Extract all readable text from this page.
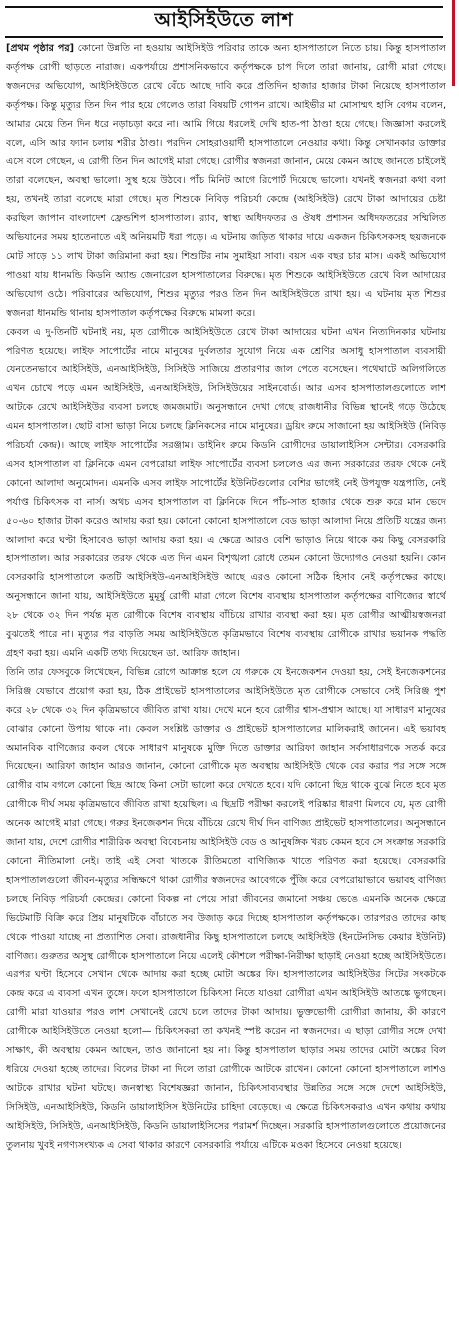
আইসিইউতে লাশ

[প্রথম পৃষ্ঠার পর] কোনো উন্নতি না হওয়ায় আইসিইউ পরিবার তাকে অন্য হাসপাতালে নিতে চায়। কিন্তু হাসপাতাল কর্তৃপক্ষ রোগী ছাড়তে নারাজ। একপর্যায়ে প্রশাসনিকভাবে কর্তৃপক্ষকে চাপ দিলে তারা জানায়, রোগী মারা গেছে। স্বজনদের অভিযোগ, আইসিইউতে রেখে বেঁচে আছে দাবি করে প্রতিদিন হাজার হাজার টাকা নিয়েছে হাসপাতাল কর্তৃপক্ষ। কিন্তু মৃত্যুর তিন দিন পার হয়ে গেলেও তারা বিষয়টি গোপন রাখে। আইভীর মা মোসাম্মৎ হাসি বেগম বলেন, আমার মেয়ে তিন দিন ধরে নড়াচড়া করে না। আমি গিয়ে ধরলেই দেখি হাত-পা ঠাণ্ডা হয়ে গেছে। জিজ্ঞাসা করলেই বলে, এসি আর ফ্যান চলায় শরীর ঠাণ্ডা। পরদিন সোহরাওয়ার্দী হাসপাতালে নেওয়ার কথা। কিন্তু সেখানকার ডাক্তার এসে বলে গেছেন, এ রোগী তিন দিন আগেই মারা গেছে। রোগীর স্বজনরা জানান, মেয়ে কেমন আছে জানতে চাইলেই তারা বলেছেন, অবস্থা ভালো। সুস্থ হয়ে উঠবে। পাঁচ মিনিট আগে রিপোর্ট দিয়েছে ভালো। যখনই স্বজনরা কথা বলা হয়, তখনই তারা বলেছে মারা গেছে। মৃত শিশুকে নিবিড় পরিচর্যা কেন্দ্রে (আইসিইউ) রেখে টাকা আদায়ের চেষ্টা করছিল জাপান বাংলাদেশ ফ্রেন্ডশিপ হাসপাতাল। র‌্যাব, স্বাস্থ্য অধিদফতর ও ঔষধ প্রশাসন অধিদফতরের সম্মিলিত অভিযানের সময় হাতেনাতে এই অনিয়মটি ধরা পড়ে। এ ঘটনায় জড়িত থাকার দায়ে একজন চিকিৎসকসহ ছয়জনকে মোট সাড়ে ১১ লাখ টাকা জরিমানা করা হয়। শিশুটির নাম সুমাইয়া সাবা। বয়স এক বছর চার মাস। একই অভিযোগ পাওয়া যায় ধানমন্ডি কিডনি অ্যান্ড জেনারেল হাসপাতালের বিরুদ্ধে। মৃত শিশুকে আইসিইউতে রেখে বিল আদায়ের অভিযোগ ওঠে। পরিবারের অভিযোগ, শিশুর মৃত্যুর পরও তিন দিন আইসিইউতে রাখা হয়। এ ঘটনায় মৃত শিশুর স্বজনরা ধানমন্ডি থানায় হাসপাতাল কর্তৃপক্ষের বিরুদ্ধে মামলা করে।

কেবল এ দু-তিনটি ঘটনাই নয়, মৃত রোগীকে আইসিইউতে রেখে টাকা আদায়ের ঘটনা এখন নিত্যদিনকার ঘটনায় পরিণত হয়েছে। লাইফ সাপোর্টের নামে মানুষের দুর্বলতার সুযোগ নিয়ে এক শ্রেণির অসাধু হাসপাতাল ব্যবসায়ী যেনতেনভাবে আইসিইউ, এনআইসিইউ, সিসিইউ সাজিয়ে প্রতারণার জাল পেতে বসেছেন। পথেঘাটে অলিগলিতে এখন চোখে পড়ে এমন আইসিইউ, এনআইসিইউ, সিসিইউয়ের সাইনবোর্ড। আর এসব হাসপাতালগুলোতে লাশ আটকে রেখে আইসিইউর ব্যবসা চলছে জমজমাট। অনুসন্ধানে দেখা গেছে রাজধানীর বিভিন্ন স্থানেই গড়ে উঠেছে এমন হাসপাতাল। ছোট বাসা ভাড়া নিয়ে চলছে ক্লিনিকসের নামে মানুষের। ড্রয়িং রুমে সাজানো হয় আইসিইউ (নিবিড় পরিচর্যা কেন্দ্র)। আছে লাইফ সাপোর্টের সরঞ্জাম। ডাইনিং রুমে কিডনি রোগীদের ডায়ালাইসিস সেন্টার। বেসরকারি এসব হাসপাতাল বা ক্লিনিকে এমন বেপরোয়া লাইফ সাপোর্টের ব্যবসা চললেও এর জন্য সরকারের তরফ থেকে নেই কোনো আলাদা অনুমোদন। এমনকি এসব লাইফ সাপোর্টের ইউনিটগুলোর বেশির ভাগেই নেই উপযুক্ত যন্ত্রপাতি, নেই পর্যাপ্ত চিকিৎসক বা নার্স। অথচ এসব হাসপাতাল বা ক্লিনিকে দিনে পাঁচ-সাত হাজার থেকে শুরু করে মান ভেদে ৫০-৬০ হাজার টাকা করেও আদায় করা হয়। কোনো কোনো হাসপাতালে বেড ভাড়া আলাদা নিয়ে প্রতিটি যন্ত্রের জন্য আলাদা করে ঘণ্টা হিসাবেও ভাড়া আদায় করা হয়। এ ক্ষেত্রে আরও বেশি ভাড়াও নিয়ে থাকে কয় কিছু বেসরকারি হাসপাতাল। আর সরকারের তরফ থেকে এত দিন এমন বিশৃঙ্খলা রোধে তেমন কোনো উদ্যোগও নেওয়া হয়নি। কোন বেসরকারি হাসপাতালে কতটি আইসিইউ-এনআইসিইউ আছে এরও কোনো সঠিক হিসাব নেই কর্তৃপক্ষের কাছে। অনুসন্ধানে জানা যায়, আইসিইউতে মুমূর্ষু রোগী মারা গেলে বিশেষ ব্যবস্থায় হাসপাতাল কর্তৃপক্ষের বাণিজ্যের স্বার্থে ২৮ থেকে ৩২ দিন পর্যন্ত মৃত রোগীকে বিশেষ ব্যবস্থায় বাঁচিয়ে রাখার ব্যবস্থা করা হয়। মৃত রোগীর আত্মীয়স্বজনরা বুঝতেই পারে না। মৃত্যুর পর বাড়তি সময় আইসিইউতে কৃত্রিমভাবে বিশেষ ব্যবস্থায় রোগীকে রাখার ভয়ানক পদ্ধতি গ্রহণ করা হয়। এমনি একটি তথ্য দিয়েছেন ডা. আরিফ জাহান।

তিনি তার ফেসবুকে লিখেছেন, বিভিন্ন রোগে আক্রান্ত হলে যে গরুকে যে ইনজেকশন দেওয়া হয়, সেই ইনজেকশনের সিরিঞ্জ যেভাবে প্রয়োগ করা হয়, ঠিক প্রাইভেট হাসপাতালের আইসিইউতে মৃত রোগীকে সেভাবে সেই সিরিঞ্জ পুশ করে ২৮ থেকে ৩২ দিন কৃত্রিমভাবে জীবিত রাখা যায়। দেখে মনে হবে রোগীর শ্বাস-প্রশ্বাস আছে। যা সাধারণ মানুষের বোঝার কোনো উপায় থাকে না। কেবল সংশ্লিষ্ট ডাক্তার ও প্রাইভেট হাসপাতালের মালিকরাই জানেন। এই ভয়াবহ অমানবিক বাণিজ্যের কবল থেকে সাধারণ মানুষকে মুক্তি দিতে ডাক্তার আরিফা জাহান সর্বসাধারণকে সতর্ক করে দিয়েছেন। আরিফা জাহান আরও জানান, কোনো রোগীকে মৃত অবস্থায় আইসিইউ থেকে বের করার পর সঙ্গে সঙ্গে রোগীর বাম বগলে কোনো ছিদ্র আছে কিনা সেটা ভালো করে দেখতে হবে। যদি কোনো ছিদ্র থাকে বুঝে নিতে হবে মৃত রোগীকে দীর্ঘ সময় কৃত্রিমভাবে জীবিত রাখা হয়েছিল। এ ছিদ্রটি পরীক্ষা করলেই পরিষ্কার ধারণা মিলবে যে, মৃত রোগী অনেক আগেই মারা গেছে। গরুর ইনজেকশন দিয়ে বাঁচিয়ে রেখে দীর্ঘ দিন বাণিজ্য প্রাইভেট হাসপাতালের। অনুসন্ধানে জানা যায়, দেশে রোগীর শারীরিক অবস্থা বিবেচনায় আইসিইউ বেড ও আনুষঙ্গিক খরচ কেমন হবে সে সংক্রান্ত সরকারি কোনো নীতিমালা নেই। তাই এই সেবা খাতকে রীতিমতো বাণিজ্যিক খাতে পরিণত করা হয়েছে। বেসরকারি হাসপাতালগুলো জীবন-মৃত্যুর সন্ধিক্ষণে থাকা রোগীর স্বজনদের আবেগকে পুঁজি করে বেপরোয়াভাবে ভয়াবহ বাণিজ্য চলছে নিবিড় পরিচর্যা কেন্দ্রের। কোনো বিকল্প না পেয়ে সারা জীবনের জমানো সঞ্চয় ভেঙে এমনকি অনেক ক্ষেত্রে ভিটেমাটি বিক্রি করে প্রিয় মানুষটিকে বাঁচাতে সব উজাড় করে দিচ্ছে হাসপাতাল কর্তৃপক্ষকে। তারপরও তাদের কাছ থেকে পাওয়া যাচ্ছে না প্রত্যাশিত সেবা। রাজধানীর কিছু হাসপাতালে চলছে আইসিইউ (ইনটেনসিভ কেয়ার ইউনিট) বাণিজ্য। গুরুতর অসুস্থ রোগীকে হাসপাতালে নিয়ে এলেই কৌশলে পরীক্ষা-নিরীক্ষা ছাড়াই নেওয়া হচ্ছে আইসিইউতে। এরপর ঘণ্টা হিসেবে সেখান থেকে আদায় করা হচ্ছে মোটা অঙ্কের ফি। হাসপাতালের আইসিইউর সিটের সংকটকে কেন্দ্র করে এ ব্যবসা এখন তুঙ্গে। ফলে হাসপাতালে চিকিৎসা নিতে যাওয়া রোগীরা এখন আইসিইউ আতঙ্কে ভুগছেন। রোগী মারা যাওয়ার পরও লাশ সেখানেই রেখে চলে তাদের টাকা আদায়। ভুক্তভোগী রোগীরা জানায়, কী কারণে রোগীকে আইসিইউতে নেওয়া হলো— চিকিৎসকরা তা কখনই স্পষ্ট করেন না স্বজনদের। এ ছাড়া রোগীর সঙ্গে দেখা সাক্ষাৎ, কী অবস্থায় কেমন আছেন, তাও জানানো হয় না। কিন্তু হাসপাতাল ছাড়ার সময় তাদের মোটা অঙ্কের বিল ধরিয়ে দেওয়া হচ্ছে তাদের। বিলের টাকা না দিলে তারা রোগীকে আটকে রাখেন। কোনো কোনো হাসপাতালে লাশও আটকে রাখার ঘটনা ঘটছে। জনস্বাস্থ্য বিশেষজ্ঞরা জানান, চিকিৎসাব্যবস্থার উন্নতির সঙ্গে সঙ্গে দেশে আইসিইউ, সিসিইউ, এনআইসিইউ, কিডনি ডায়ালাইসিস ইউনিটের চাহিদা বেড়েছে। এ ক্ষেত্রে চিকিৎসকরাও এখন কথায় কথায় আইসিইউ, সিসিইউ, এনআইসিইউ, কিডনি ডায়ালাইসিসের পরামর্শ দিচ্ছেন। সরকারি হাসপাতালগুলোতে প্রয়োজনের তুলনায় খুবই নগণ্যসংখ্যক এ সেবা থাকার কারণে বেসরকারি পর্যায়ে এটিকে মওকা হিসেবে নেওয়া হয়েছে।
